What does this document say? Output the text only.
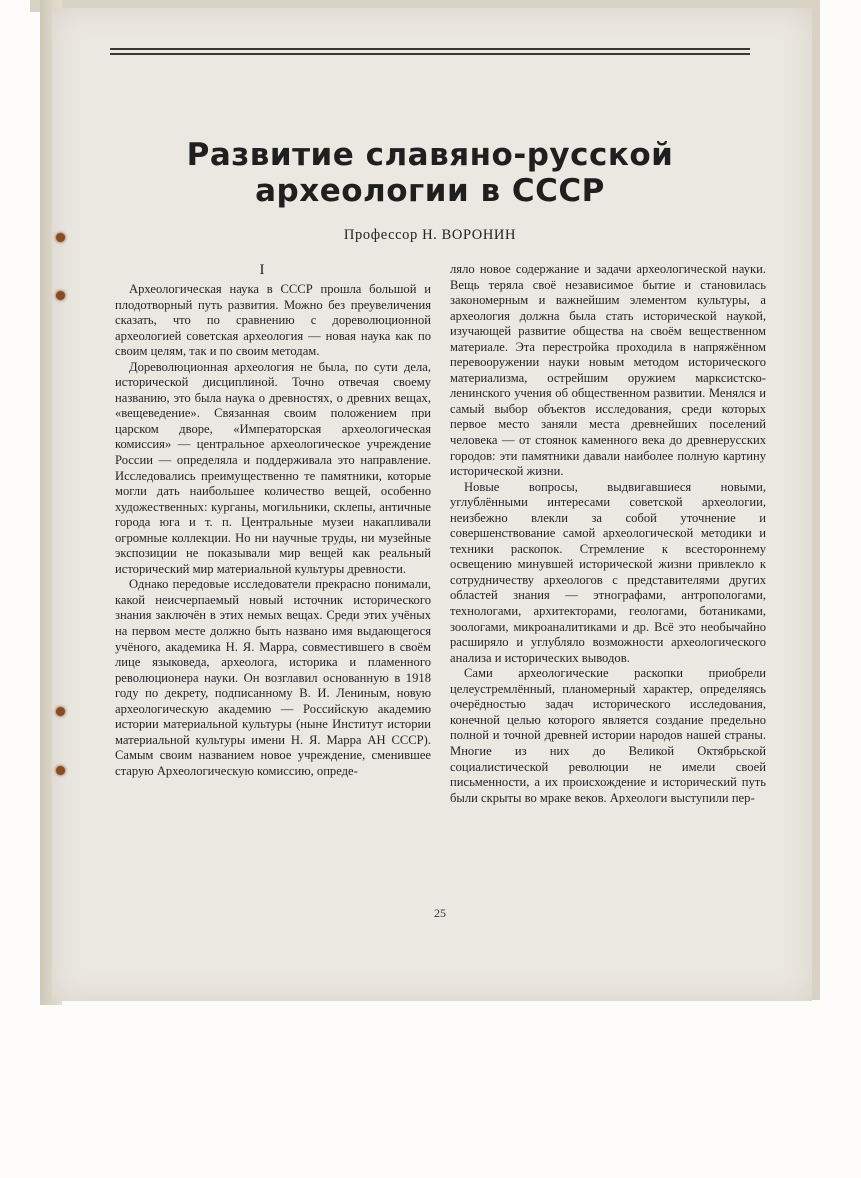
Развитие славяно-русской
археологии в СССР

Профессор Н. ВОРОНИН

I

Археологическая наука в СССР прошла большой и плодотворный путь развития. Можно без преувеличения сказать, что по сравнению с дореволюционной археологией советская археология — новая наука как по своим целям, так и по своим методам.

Дореволюционная археология не была, по сути дела, исторической дисциплиной. Точно отвечая своему названию, это была наука о древностях, о древних вещах, «вещеведение». Связанная своим положением при царском дворе, «Императорская археологическая комиссия» — центральное археологическое учреждение России — определяла и поддерживала это направление. Исследовались преимущественно те памятники, которые могли дать наибольшее количество вещей, особенно художественных: курганы, могильники, склепы, античные города юга и т. п. Центральные музеи накапливали огромные коллекции. Но ни научные труды, ни музейные экспозиции не показывали мир вещей как реальный исторический мир материальной культуры древности.

Однако передовые исследователи прекрасно понимали, какой неисчерпаемый новый источник исторического знания заключён в этих немых вещах. Среди этих учёных на первом месте должно быть названо имя выдающегося учёного, академика Н. Я. Марра, совместившего в своём лице языковеда, археолога, историка и пламенного революционера науки. Он возглавил основанную в 1918 году по декрету, подписанному В. И. Лениным, новую археологическую академию — Российскую академию истории материальной культуры (ныне Институт истории материальной культуры имени Н. Я. Марра АН СССР). Самым своим названием новое учреждение, сменившее старую Археологическую комиссию, опреде-

ляло новое содержание и задачи археологической науки. Вещь теряла своё независимое бытие и становилась закономерным и важнейшим элементом культуры, а археология должна была стать исторической наукой, изучающей развитие общества на своём вещественном материале. Эта перестройка проходила в напряжённом перевооружении науки новым методом исторического материализма, острейшим оружием марксистско-ленинского учения об общественном развитии. Менялся и самый выбор объектов исследования, среди которых первое место заняли места древнейших поселений человека — от стоянок каменного века до древнерусских городов: эти памятники давали наиболее полную картину исторической жизни.

Новые вопросы, выдвигавшиеся новыми, углублёнными интересами советской археологии, неизбежно влекли за собой уточнение и совершенствование самой археологической методики и техники раскопок. Стремление к всестороннему освещению минувшей исторической жизни привлекло к сотрудничеству археологов с представителями других областей знания — этнографами, антропологами, технологами, архитекторами, геологами, ботаниками, зоологами, микроаналитиками и др. Всё это необычайно расширяло и углубляло возможности археологического анализа и исторических выводов.

Сами археологические раскопки приобрели целеустремлённый, планомерный характер, определяясь очерёдностью задач исторического исследования, конечной целью которого является создание предельно полной и точной древней истории народов нашей страны. Многие из них до Великой Октябрьской социалистической революции не имели своей письменности, а их происхождение и исторический путь были скрыты во мраке веков. Археологи выступили пер-

25
